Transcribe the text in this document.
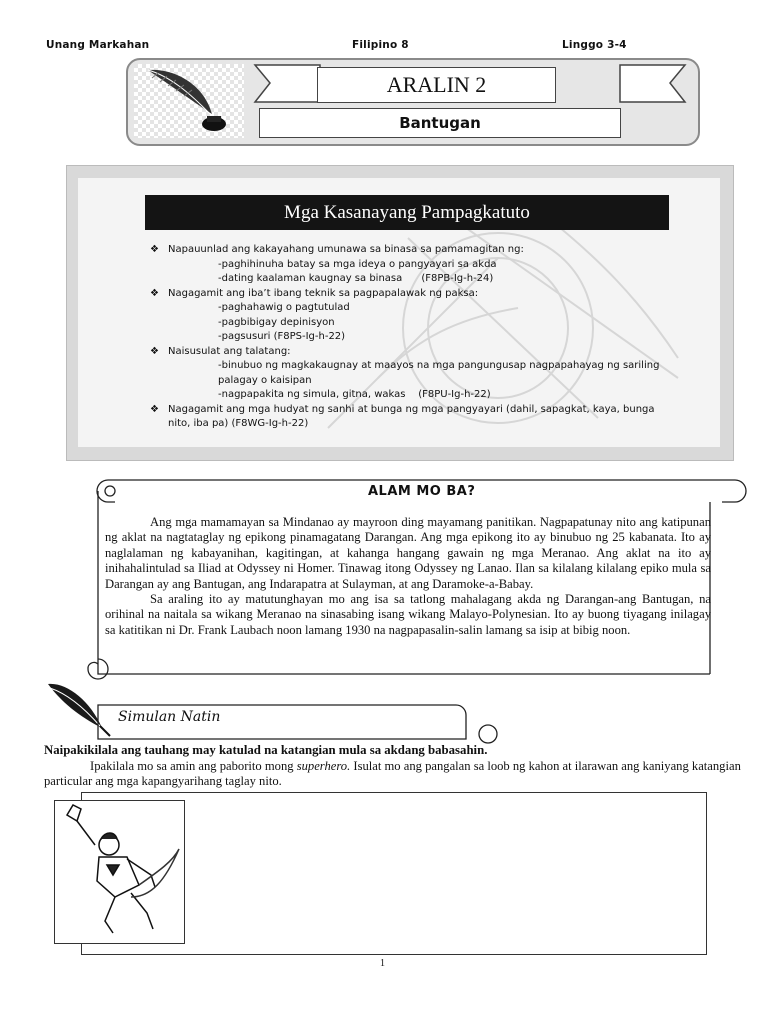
Unang Markahan	Filipino 8	Linggo 3-4
ARALIN 2
Bantugan
Mga Kasanayang Pampagkatuto
❖ Napauunlad ang kakayahang umunawa sa binasa sa pamamagitan ng:
-paghihinuha batay sa mga ideya o pangyayari sa akda
-dating kaalaman kaugnay sa binasa      (F8PB-Ig-h-24)
❖ Nagagamit ang iba’t ibang teknik sa pagpapalawak ng paksa:
-paghahawig o pagtutulad
-pagbibigay depinisyon
-pagsusuri (F8PS-Ig-h-22)
❖ Naisusulat ang talatang:
-binubuo ng magkakaugnay at maayos na mga pangungusap nagpapahayag ng sariling palagay o kaisipan
-nagpapakita ng simula, gitna, wakas    (F8PU-Ig-h-22)
❖ Nagagamit ang mga hudyat ng sanhi at bunga ng mga pangyayari (dahil, sapagkat, kaya, bunga nito, iba pa) (F8WG-Ig-h-22)
ALAM MO BA?

Ang mga mamamayan sa Mindanao ay mayroon ding mayamang panitikan. Nagpapatunay nito ang katipunan ng aklat na nagtataglay ng epikong pinamagatang Darangan. Ang mga epikong ito ay binubuo ng 25 kabanata. Ito ay naglalaman ng kabayanihan, kagitingan, at kahanga hangang gawain ng mga Meranao. Ang aklat na ito ay inihahalintulad sa Iliad at Odyssey ni Homer. Tinawag itong Odyssey ng Lanao. Ilan sa kilalang kilalang epiko mula sa Darangan ay ang Bantugan, ang Indarapatra at Sulayman, at ang Daramoke-a-Babay.

Sa araling ito ay matutunghayan mo ang isa sa tatlong mahalagang akda ng Darangan-ang Bantugan, na orihinal na naitala sa wikang Meranao na sinasabing isang wikang Malayo-Polynesian. Ito ay buong tiyagang inilagay sa katitikan ni Dr. Frank Laubach noon lamang 1930 na nagpapasalin-salin lamang sa isip at bibig noon.

Simulan Natin
Naipakikilala ang tauhang may katulad na katangian mula sa akdang babasahin.
Ipakilala mo sa amin ang paborito mong superhero. Isulat mo ang pangalan sa loob ng kahon at ilarawan ang kaniyang katangian particular ang mga kapangyarihang taglay nito.
1
